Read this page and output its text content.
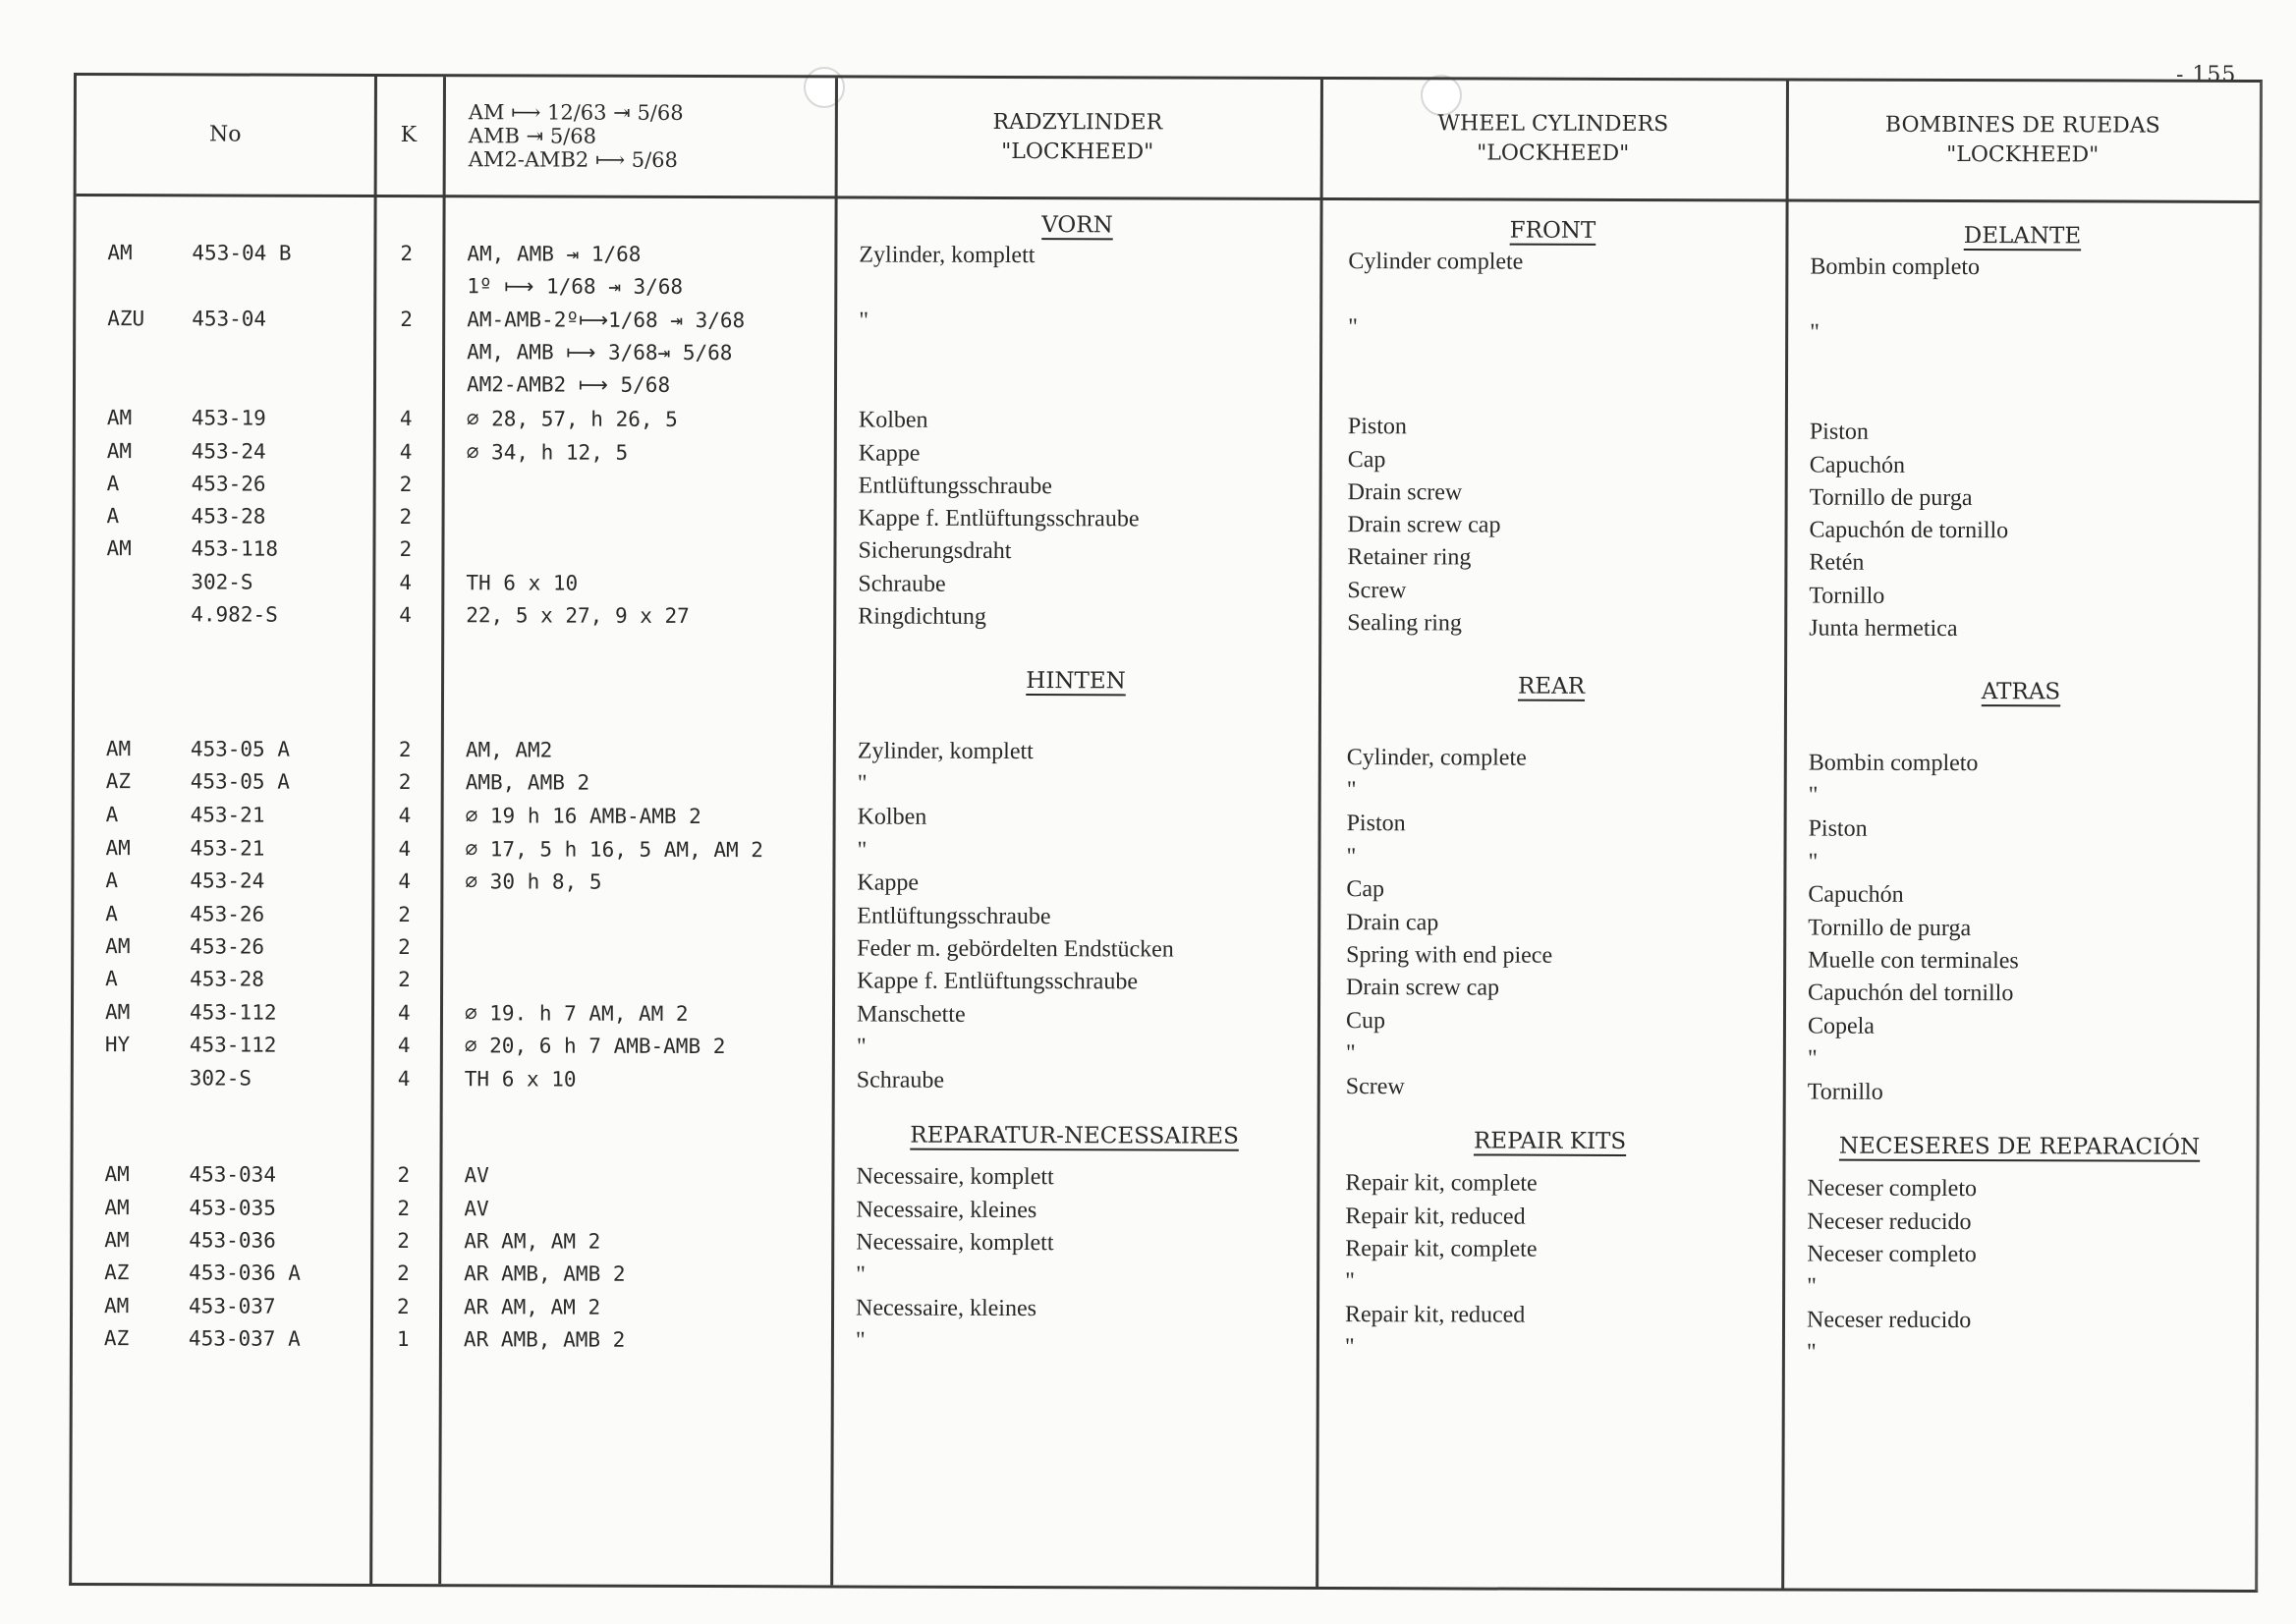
- 155
No	K
AM ⟼ 12/63 ⇥ 5/68
AMB ⇥ 5/68
AM2-AMB2 ⟼ 5/68
RADZYLINDER
"LOCKHEED"
WHEEL CYLINDERS
"LOCKHEED"
BOMBINES DE RUEDAS
"LOCKHEED"
VORN	FRONT	DELANTE
HINTEN	REAR	ATRAS
REPARATUR-NECESSAIRES	REPAIR KITS	NECESERES DE REPARACIÓN
AM	453-04 B	2	AM, AMB ⇥ 1/68	Zylinder, komplett	Cylinder complete	Bombin completo
1º ⟼ 1/68 ⇥ 3/68
AZU 453-04	2	AM-AMB-2º⟼1/68 ⇥ 3/68	"	"	"
AM, AMB ⟼ 3/68⇥ 5/68
AM2-AMB2 ⟼ 5/68
AM	453-19	4	∅ 28, 57, h 26, 5	Kolben	Piston	Piston
AM	453-24	4	∅ 34, h 12, 5	Kappe	Cap	Capuchón
A	453-26	2	Entlüftungsschraube	Drain screw	Tornillo de purga
A	453-28	2	Kappe f. Entlüftungsschraube	Drain screw cap	Capuchón de tornillo
AM	453-118	2	Sicherungsdraht	Retainer ring	Retén
302-S	4	TH 6 x 10	Schraube	Screw	Tornillo
4.982-S	4	22, 5 x 27, 9 x 27	Ringdichtung	Sealing ring	Junta hermetica
AM	453-05 A	2	AM, AM2	Zylinder, komplett	Cylinder, complete	Bombin completo
AZ	453-05 A	2	AMB, AMB 2	"	"	"
A	453-21	4	∅ 19 h 16 AMB-AMB 2	Kolben	Piston	Piston
AM	453-21	4	∅ 17, 5 h 16, 5 AM, AM 2	"	"	"
A	453-24	4	∅ 30 h 8, 5	Kappe	Cap	Capuchón
A	453-26	2	Entlüftungsschraube	Drain cap	Tornillo de purga
AM	453-26	2	Feder m. gebördelten Endstücken	Spring with end piece	Muelle con terminales
A	453-28	2	Kappe f. Entlüftungsschraube	Drain screw cap	Capuchón del tornillo
AM	453-112	4	∅ 19. h 7 AM, AM 2	Manschette	Cup	Copela
HY	453-112	4	∅ 20, 6 h 7 AMB-AMB 2	"	"	"
302-S	4	TH 6 x 10	Schraube	Screw	Tornillo
AM	453-034	2	AV	Necessaire, komplett	Repair kit, complete	Neceser completo
AM	453-035	2	AV	Necessaire, kleines	Repair kit, reduced	Neceser reducido
AM	453-036	2	AR AM, AM 2	Necessaire, komplett	Repair kit, complete	Neceser completo
AZ	453-036 A	2	AR AMB, AMB 2	"	"	"
AM	453-037	2	AR AM, AM 2	Necessaire, kleines	Repair kit, reduced	Neceser reducido
AZ	453-037 A	1	AR AMB, AMB 2	"	"	"
